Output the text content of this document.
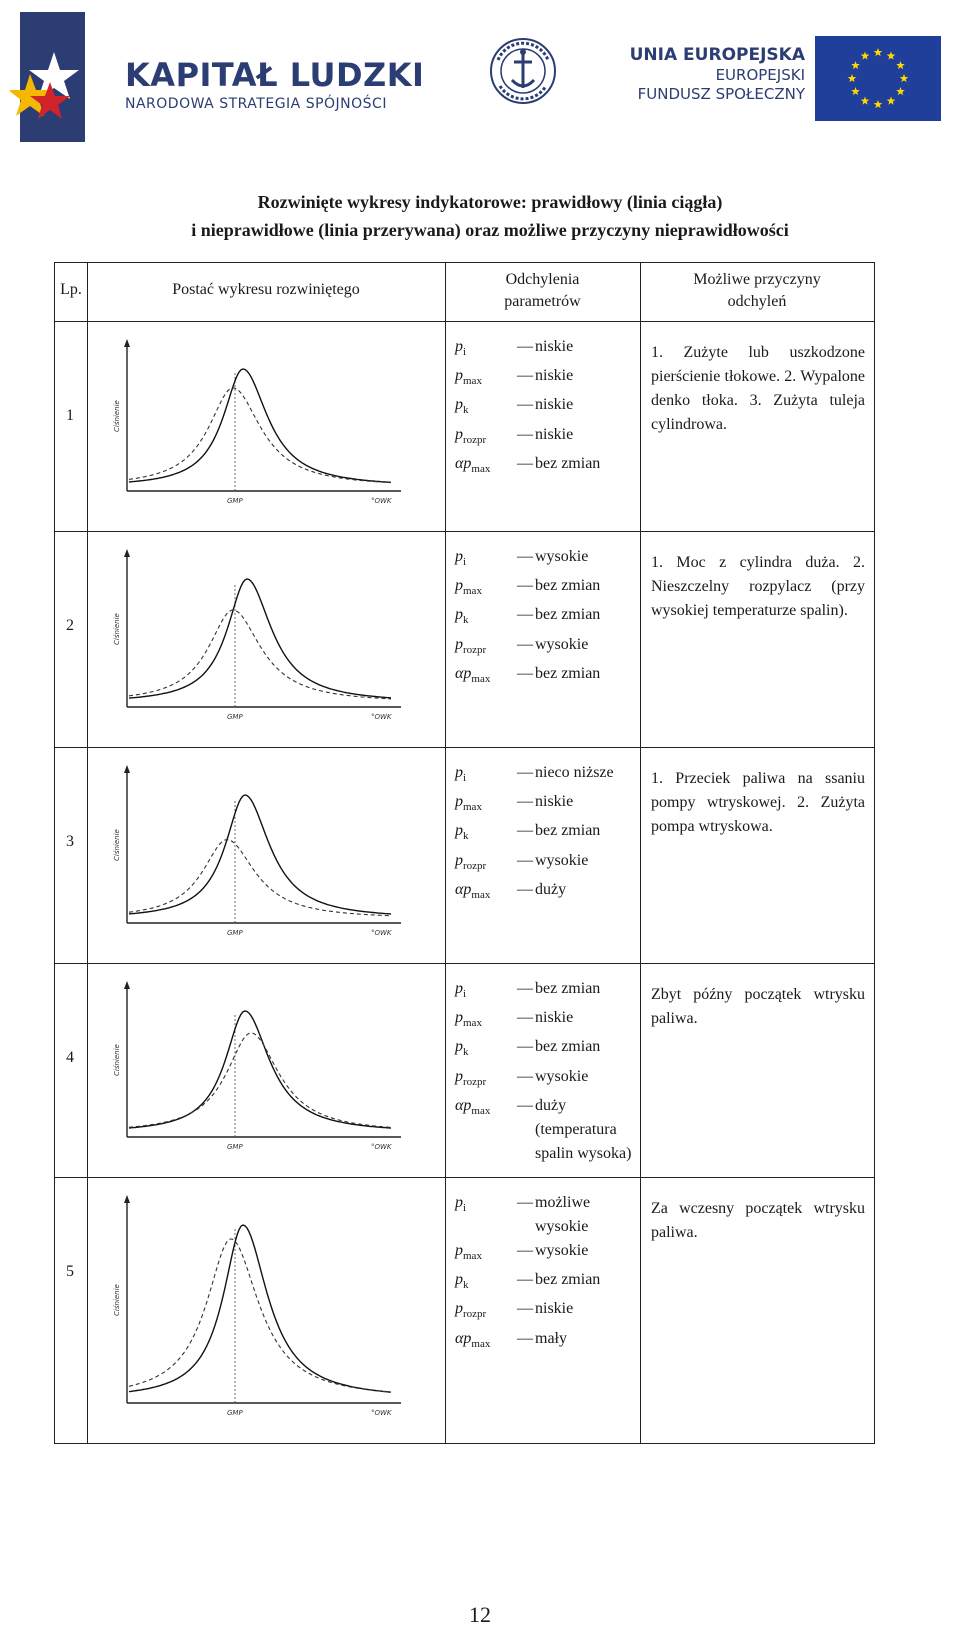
KAPITAŁ LUDZKI
NARODOWA STRATEGIA SPÓJNOŚCI
UNIA EUROPEJSKA
EUROPEJSKI
FUNDUSZ SPOŁECZNY
Rozwinięte wykresy indykatorowe: prawidłowy (linia ciągła)
i nieprawidłowe (linia przerywana) oraz możliwe przyczyny nieprawidłowości
Lp.	Postać wykresu rozwiniętego
Odchylenia
parametrów
Możliwe przyczyny
odchyleń
1	Ciśnienie
GMP	°OWK
$p_i$	— niskie
$p_{max}$	— niskie
$p_k$	— niskie
$p_{rozpr}$	— niskie
$\alpha p_{max}$	— bez zmian
1. Zużyte lub uszkodzone pierścienie tłokowe. 2. Wypalone denko tłoka. 3. Zużyta tuleja cylindrowa.
2	Ciśnienie
GMP	°OWK
$p_i$	— wysokie
$p_{max}$	— bez zmian
$p_k$	— bez zmian
$p_{rozpr}$	— wysokie
$\alpha p_{max}$	— bez zmian
1. Moc z cylindra duża. 2. Nieszczelny rozpylacz (przy wysokiej temperaturze spalin).
3	Ciśnienie
GMP	°OWK
$p_i$	— nieco niższe
$p_{max}$	— niskie
$p_k$	— bez zmian
$p_{rozpr}$	— wysokie
$\alpha p_{max}$	— duży
1. Przeciek paliwa na ssaniu pompy wtryskowej. 2. Zużyta pompa wtryskowa.
4	Ciśnienie
GMP	°OWK
$p_i$	— bez zmian
$p_{max}$	— niskie
$p_k$	— bez zmian
$p_{rozpr}$	— wysokie
$\alpha p_{max}$	— duży (temperatura spalin wysoka)
Zbyt późny początek wtrysku paliwa.
5
Ciśnienie
GMP	°OWK
$p_i$	— możliwe wysokie
$p_{max}$	— wysokie
$p_k$	— bez zmian
$p_{rozpr}$	— niskie
$\alpha p_{max}$	— mały
Za wczesny początek wtrysku paliwa.
12
